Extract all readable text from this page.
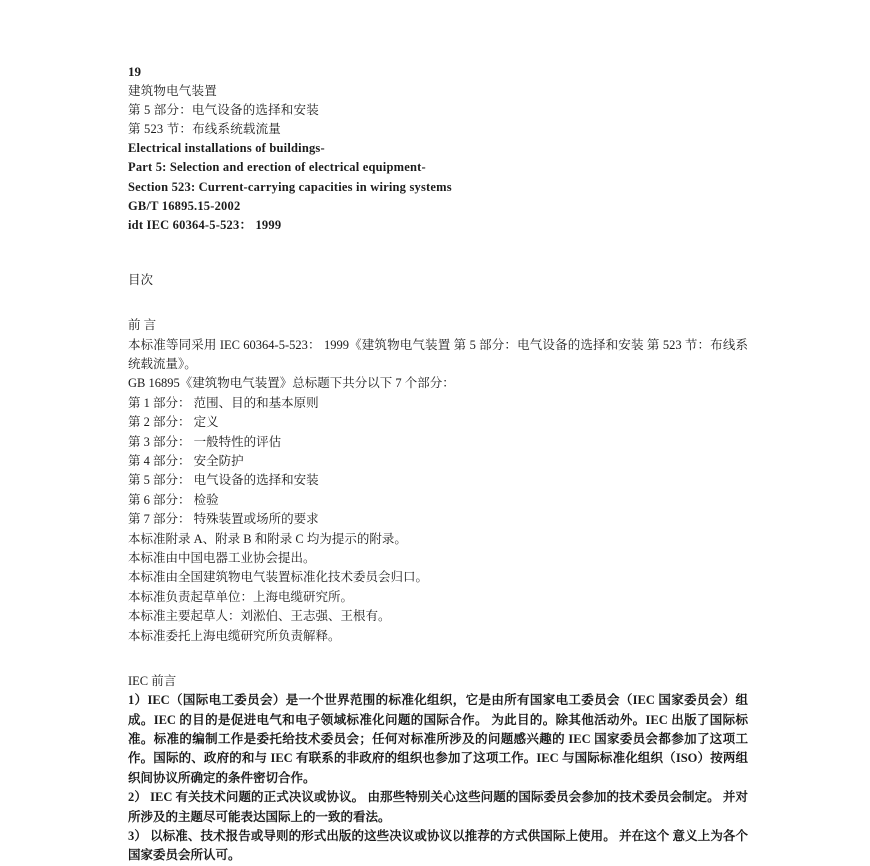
19
建筑物电气装置
第 5 部分：电气设备的选择和安装
第 523 节：布线系统载流量
Electrical installations of buildings-
Part 5: Selection and erection of electrical equipment-
Section 523: Current-carrying capacities in wiring systems
GB/T 16895.15-2002
idt IEC 60364-5-523： 1999
目次
前 言
本标准等同采用 IEC 60364-5-523： 1999《建筑物电气装置 第 5 部分：电气设备的选择和安装 第 523 节：布线系统载流量》。
GB 16895《建筑物电气装置》总标题下共分以下 7 个部分：
第 1 部分： 范围、目的和基本原则
第 2 部分： 定义
第 3 部分： 一般特性的评估
第 4 部分： 安全防护
第 5 部分： 电气设备的选择和安装
第 6 部分： 检验
第 7 部分： 特殊装置或场所的要求
本标准附录 A、附录 B 和附录 C 均为提示的附录。
本标准由中国电器工业协会提出。
本标准由全国建筑物电气装置标准化技术委员会归口。
本标准负责起草单位：上海电缆研究所。
本标准主要起草人：刘淞伯、王志强、王根有。
本标准委托上海电缆研究所负责解释。
IEC 前言
1）IEC（国际电工委员会）是一个世界范围的标准化组织，它是由所有国家电工委员会（IEC 国家委员会）组成。IEC 的目的是促进电气和电子领域标准化问题的国际合作。 为此目的。除其他活动外。IEC 出版了国际标准。标准的编制工作是委托给技术委员会；任何对标准所涉及的问题感兴趣的 IEC 国家委员会都参加了这项工作。国际的、政府的和与 IEC 有联系的非政府的组织也参加了这项工作。IEC 与国际标准化组织（ISO）按两组织间协议所确定的条件密切合作。
2） IEC 有关技术问题的正式决议或协议。 由那些特别关心这些问题的国际委员会参加的技术委员会制定。 并对所涉及的主题尽可能表达国际上的一致的看法。
3） 以标准、技术报告或导则的形式出版的这些决议或协议以推荐的方式供国际上使用。 并在这个 意义上为各个国家委员会所认可。
